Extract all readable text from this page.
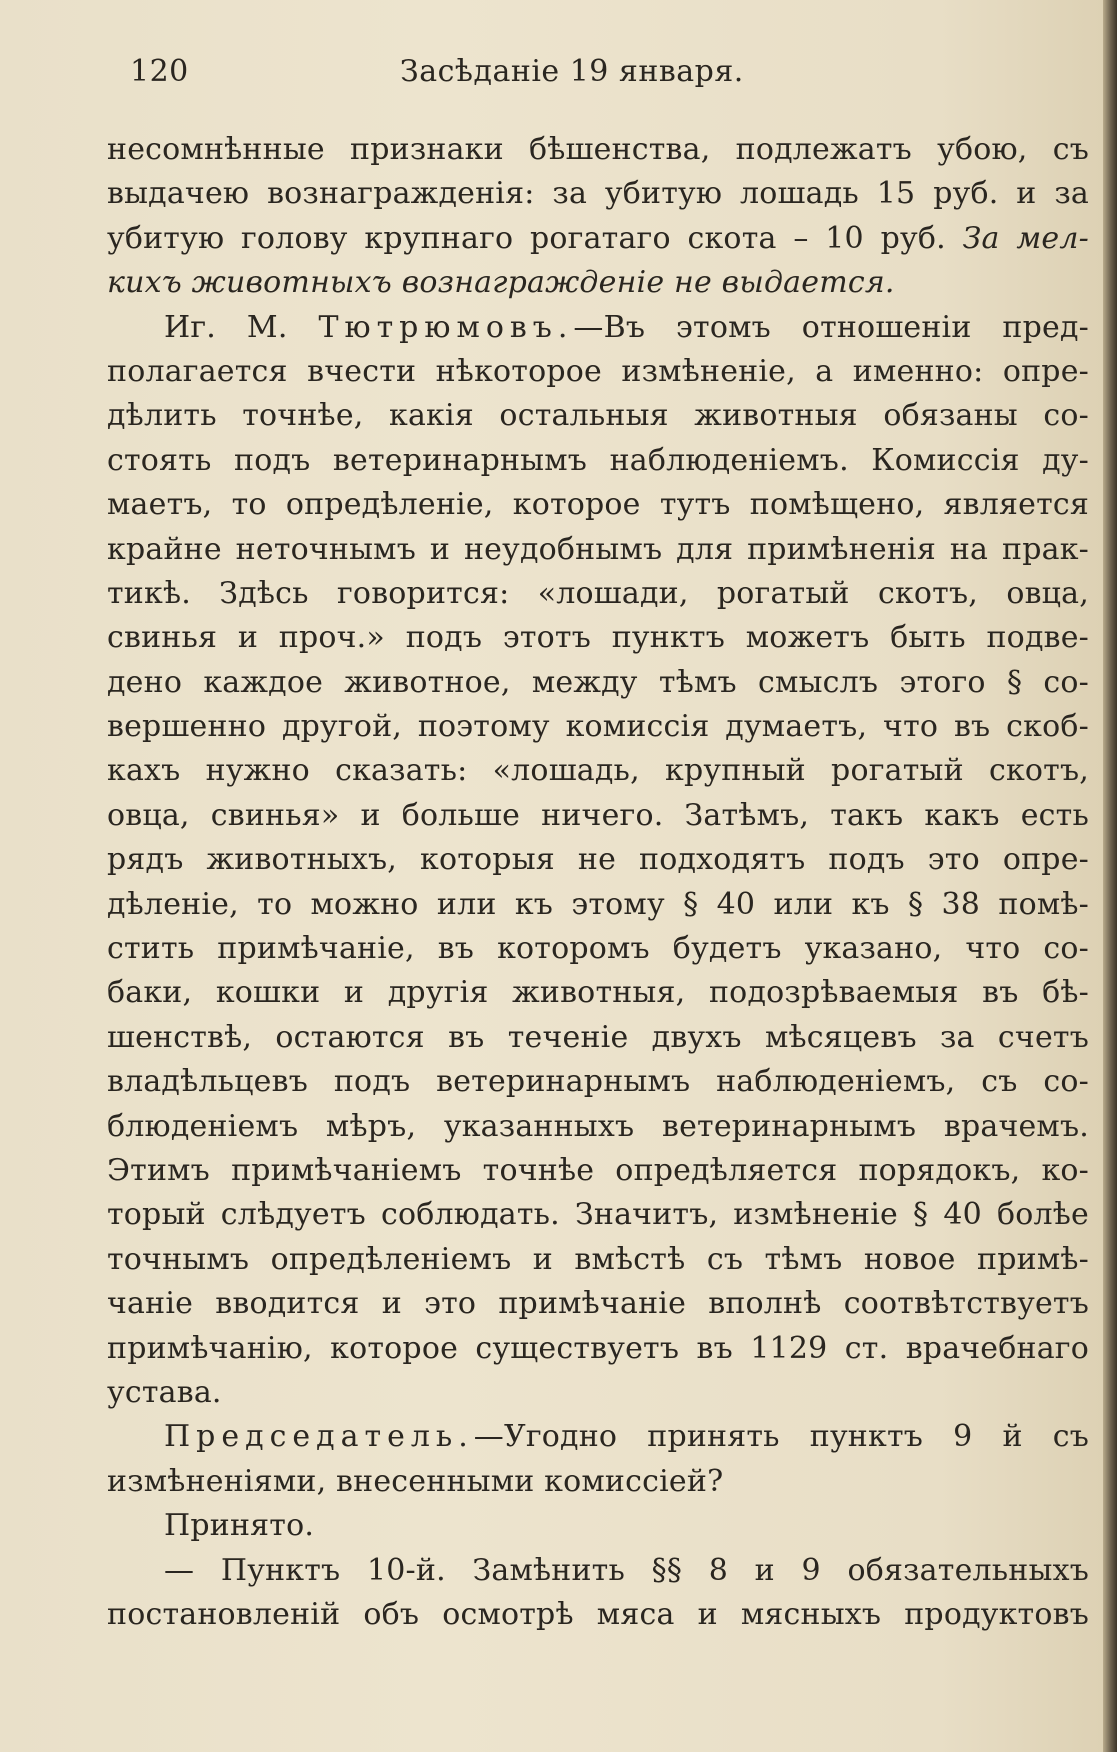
120	Засѣданіе 19 января.
несомнѣнные признаки бѣшенства, подлежатъ убою, съ
выдачею вознагражденія: за убитую лошадь 15 руб. и за
убитую голову крупнаго рогатаго скота – 10 руб. За мел-
кихъ животныхъ вознагражденіе не выдается.
Иг. М. Тютрюмовъ.—Въ этомъ отношеніи пред-
полагается вчести нѣкоторое измѣненіе, а именно: опре-
дѣлить точнѣе, какія остальныя животныя обязаны со-
стоять подъ ветеринарнымъ наблюденіемъ. Комиссія ду-
маетъ, то опредѣленіе, которое тутъ помѣщено, является
крайне неточнымъ и неудобнымъ для примѣненія на прак-
тикѣ. Здѣсь говорится: «лошади, рогатый скотъ, овца,
свинья и проч.» подъ этотъ пунктъ можетъ быть подве-
дено каждое животное, между тѣмъ смыслъ этого § со-
вершенно другой, поэтому комиссія думаетъ, что въ скоб-
кахъ нужно сказать: «лошадь, крупный рогатый скотъ,
овца, свинья» и больше ничего. Затѣмъ, такъ какъ есть
рядъ животныхъ, которыя не подходятъ подъ это опре-
дѣленіе, то можно или къ этому § 40 или къ § 38 помѣ-
стить примѣчаніе, въ которомъ будетъ указано, что со-
баки, кошки и другія животныя, подозрѣваемыя въ бѣ-
шенствѣ, остаются въ теченіе двухъ мѣсяцевъ за счетъ
владѣльцевъ подъ ветеринарнымъ наблюденіемъ, съ со-
блюденіемъ мѣръ, указанныхъ ветеринарнымъ врачемъ.
Этимъ примѣчаніемъ точнѣе опредѣляется порядокъ, ко-
торый слѣдуетъ соблюдать. Значитъ, измѣненіе § 40 болѣе
точнымъ опредѣленіемъ и вмѣстѣ съ тѣмъ новое примѣ-
чаніе вводится и это примѣчаніе вполнѣ соотвѣтствуетъ
примѣчанію, которое существуетъ въ 1129 ст. врачебнаго
устава.
Председатель.—Угодно принять пунктъ 9 й съ
измѣненіями, внесенными комиссіей?
Принято.
— Пунктъ 10-й. Замѣнить §§ 8 и 9 обязательныхъ
постановленій объ осмотрѣ мяса и мясныхъ продуктовъ
